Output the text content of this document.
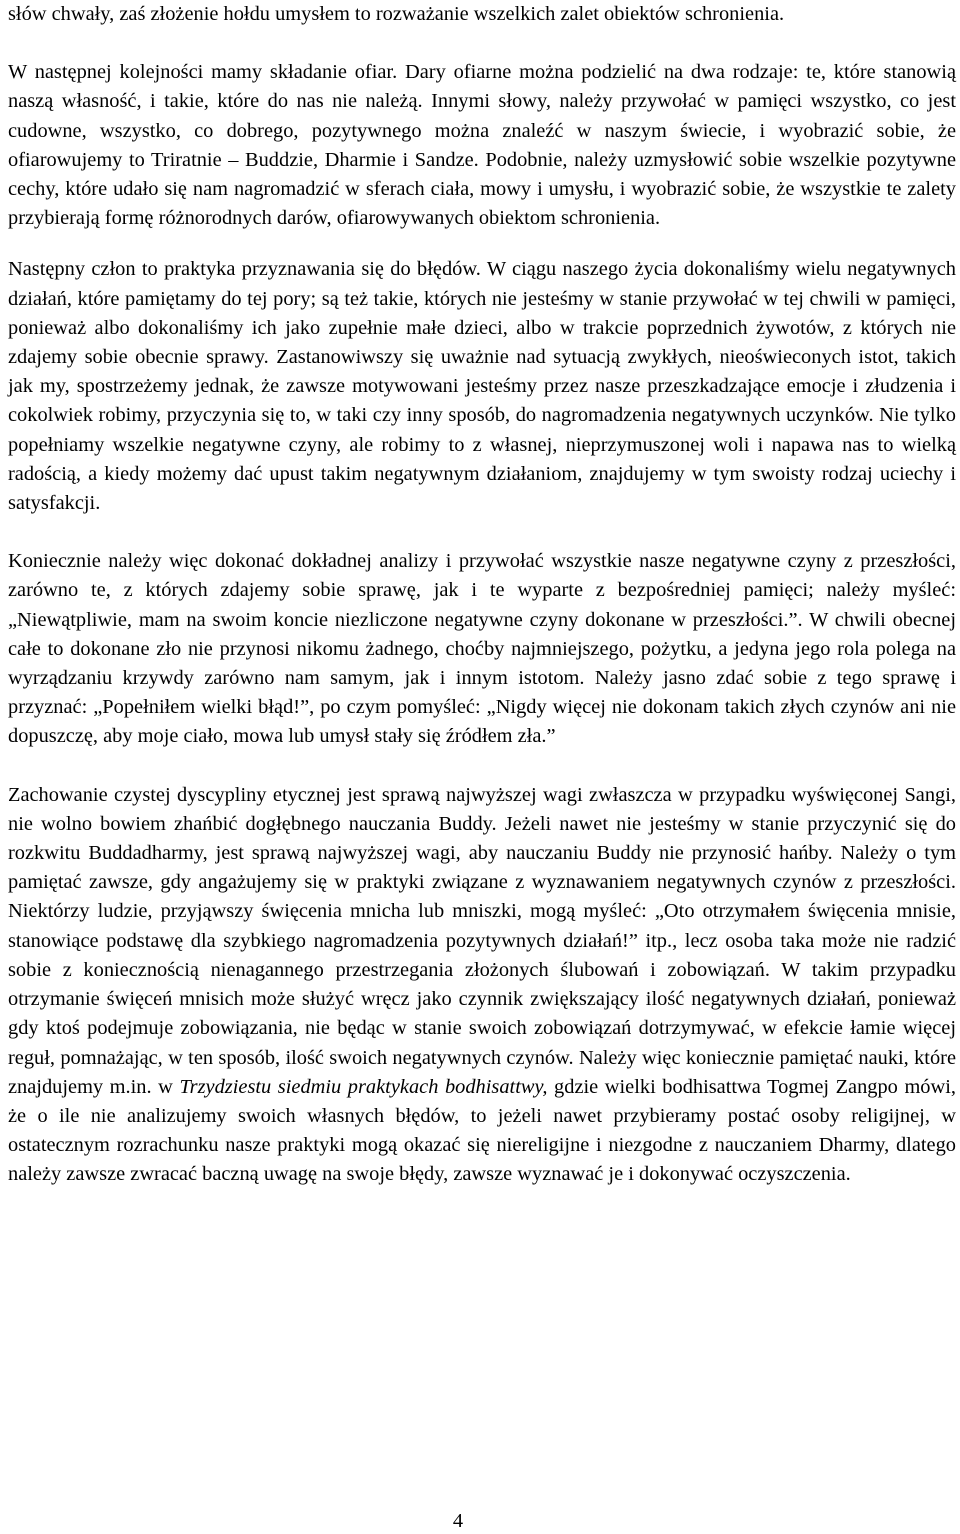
słów chwały, zaś złożenie hołdu umysłem to rozważanie wszelkich zalet obiektów schronienia.

W następnej kolejności mamy składanie ofiar. Dary ofiarne można podzielić na dwa rodzaje: te, które stanowią naszą własność, i takie, które do nas nie należą. Innymi słowy, należy przywołać w pamięci wszystko, co jest cudowne, wszystko, co dobrego, pozytywnego można znaleźć w naszym świecie, i wyobrazić sobie, że ofiarowujemy to Triratnie – Buddzie, Dharmie i Sandze. Podobnie, należy uzmysłowić sobie wszelkie pozytywne cechy, które udało się nam nagromadzić w sferach ciała, mowy i umysłu, i wyobrazić sobie, że wszystkie te zalety przybierają formę różnorodnych darów, ofiarowywanych obiektom schronienia.

Następny człon to praktyka przyznawania się do błędów. W ciągu naszego życia dokonaliśmy wielu negatywnych działań, które pamiętamy do tej pory; są też takie, których nie jesteśmy w stanie przywołać w tej chwili w pamięci, ponieważ albo dokonaliśmy ich jako zupełnie małe dzieci, albo w trakcie poprzednich żywotów, z których nie zdajemy sobie obecnie sprawy. Zastanowiwszy się uważnie nad sytuacją zwykłych, nieoświeconych istot, takich jak my, spostrzeżemy jednak, że zawsze motywowani jesteśmy przez nasze przeszkadzające emocje i złudzenia i cokolwiek robimy, przyczynia się to, w taki czy inny sposób, do nagromadzenia negatywnych uczynków. Nie tylko popełniamy wszelkie negatywne czyny, ale robimy to z własnej, nieprzymuszonej woli i napawa nas to wielką radością, a kiedy możemy dać upust takim negatywnym działaniom, znajdujemy w tym swoisty rodzaj uciechy i satysfakcji.

Koniecznie należy więc dokonać dokładnej analizy i przywołać wszystkie nasze negatywne czyny z przeszłości, zarówno te, z których zdajemy sobie sprawę, jak i te wyparte z bezpośredniej pamięci; należy myśleć: „Niewątpliwie, mam na swoim koncie niezliczone negatywne czyny dokonane w przeszłości.”. W chwili obecnej całe to dokonane zło nie przynosi nikomu żadnego, choćby najmniejszego, pożytku, a jedyna jego rola polega na wyrządzaniu krzywdy zarówno nam samym, jak i innym istotom. Należy jasno zdać sobie z tego sprawę i przyznać: „Popełniłem wielki błąd!”, po czym pomyśleć: „Nigdy więcej nie dokonam takich złych czynów ani nie dopuszczę, aby moje ciało, mowa lub umysł stały się źródłem zła.”

Zachowanie czystej dyscypliny etycznej jest sprawą najwyższej wagi zwłaszcza w przypadku wyświęconej Sangi, nie wolno bowiem zhańbić dogłębnego nauczania Buddy. Jeżeli nawet nie jesteśmy w stanie przyczynić się do rozkwitu Buddadharmy, jest sprawą najwyższej wagi, aby nauczaniu Buddy nie przynosić hańby. Należy o tym pamiętać zawsze, gdy angażujemy się w praktyki związane z wyznawaniem negatywnych czynów z przeszłości. Niektórzy ludzie, przyjąwszy święcenia mnicha lub mniszki, mogą myśleć: „Oto otrzymałem święcenia mnisie, stanowiące podstawę dla szybkiego nagromadzenia pozytywnych działań!” itp., lecz osoba taka może nie radzić sobie z koniecznością nienagannego przestrzegania złożonych ślubowań i zobowiązań. W takim przypadku otrzymanie święceń mnisich może służyć wręcz jako czynnik zwiększający ilość negatywnych działań, ponieważ gdy ktoś podejmuje zobowiązania, nie będąc w stanie swoich zobowiązań dotrzymywać, w efekcie łamie więcej reguł, pomnażając, w ten sposób, ilość swoich negatywnych czynów. Należy więc koniecznie pamiętać nauki, które znajdujemy m.in. w Trzydziestu siedmiu praktykach bodhisattwy, gdzie wielki bodhisattwa Togmej Zangpo mówi, że o ile nie analizujemy swoich własnych błędów, to jeżeli nawet przybieramy postać osoby religijnej, w ostatecznym rozrachunku nasze praktyki mogą okazać się niereligijne i niezgodne z nauczaniem Dharmy, dlatego należy zawsze zwracać baczną uwagę na swoje błędy, zawsze wyznawać je i dokonywać oczyszczenia.

4
